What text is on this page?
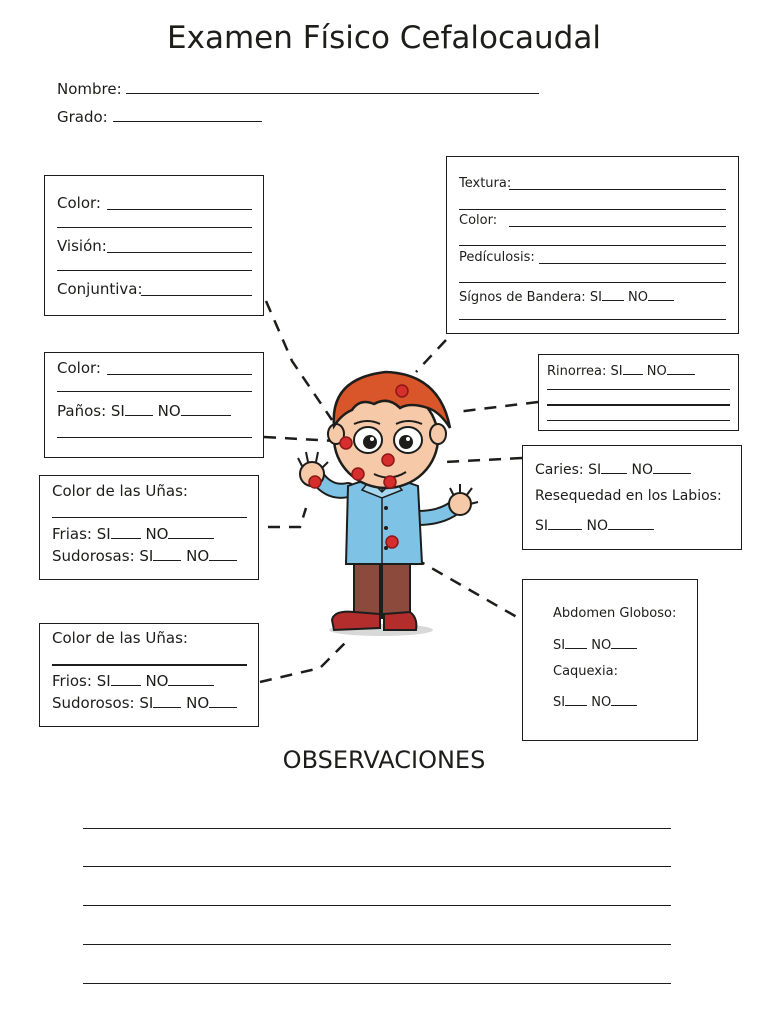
Examen Físico Cefalocaudal
Nombre:
Grado:
Color:
Visión:
Conjuntiva:
Color:
Paños: SI NO
Color de las Uñas:
Frias: SI NO
Sudorosas: SI NO
Color de las Uñas:
Frios: SI NO
Sudorosos: SI NO
Textura:
Color:
Pedículosis:
Sígnos de Bandera: SI NO
Rinorrea: SI NO
Caries: SI NO
Resequedad en los Labios:
SI	NO
Abdomen Globoso:
SI NO
Caquexia:
SI NO
OBSERVACIONES
